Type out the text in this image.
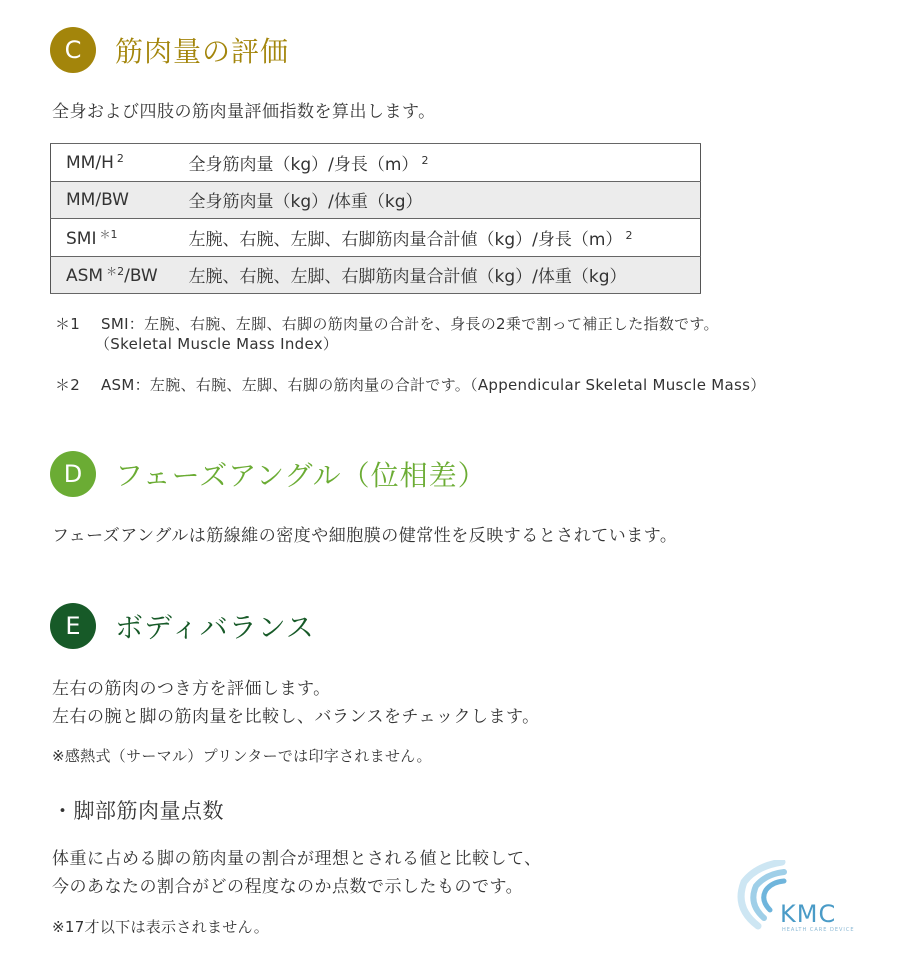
C	筋肉量の評価
全身および四肢の筋肉量評価指数を算出します。
MM/H $^2$	全身筋肉量（kg）/身長（m） $^2$
MM/BW	全身筋肉量（kg）/体重（kg）
SMI $^{*1}$	左腕、右腕、左脚、右脚筋肉量合計値（kg）/身長（m） $^2$
ASM $^{*2}$/BW	左腕、右腕、左脚、右脚筋肉量合計値（kg）/体重（kg）
＊1 SMI：左腕、右腕、左脚、右脚の筋肉量の合計を、身長の2乗で割って補正した指数です。
（Skeletal Muscle Mass Index）
＊2 ASM：左腕、右腕、左脚、右脚の筋肉量の合計です。（Appendicular Skeletal Muscle Mass）
D	フェーズアングル（位相差）
フェーズアングルは筋線維の密度や細胞膜の健常性を反映するとされています。
E	ボディバランス
左右の筋肉のつき方を評価します。
左右の腕と脚の筋肉量を比較し、バランスをチェックします。
※感熱式（サーマル）プリンターでは印字されません。
・脚部筋肉量点数
体重に占める脚の筋肉量の割合が理想とされる値と比較して、
今のあなたの割合がどの程度なのか点数で示したものです。
※17才以下は表示されません。	KMC
HEALTH CARE DEVICE
